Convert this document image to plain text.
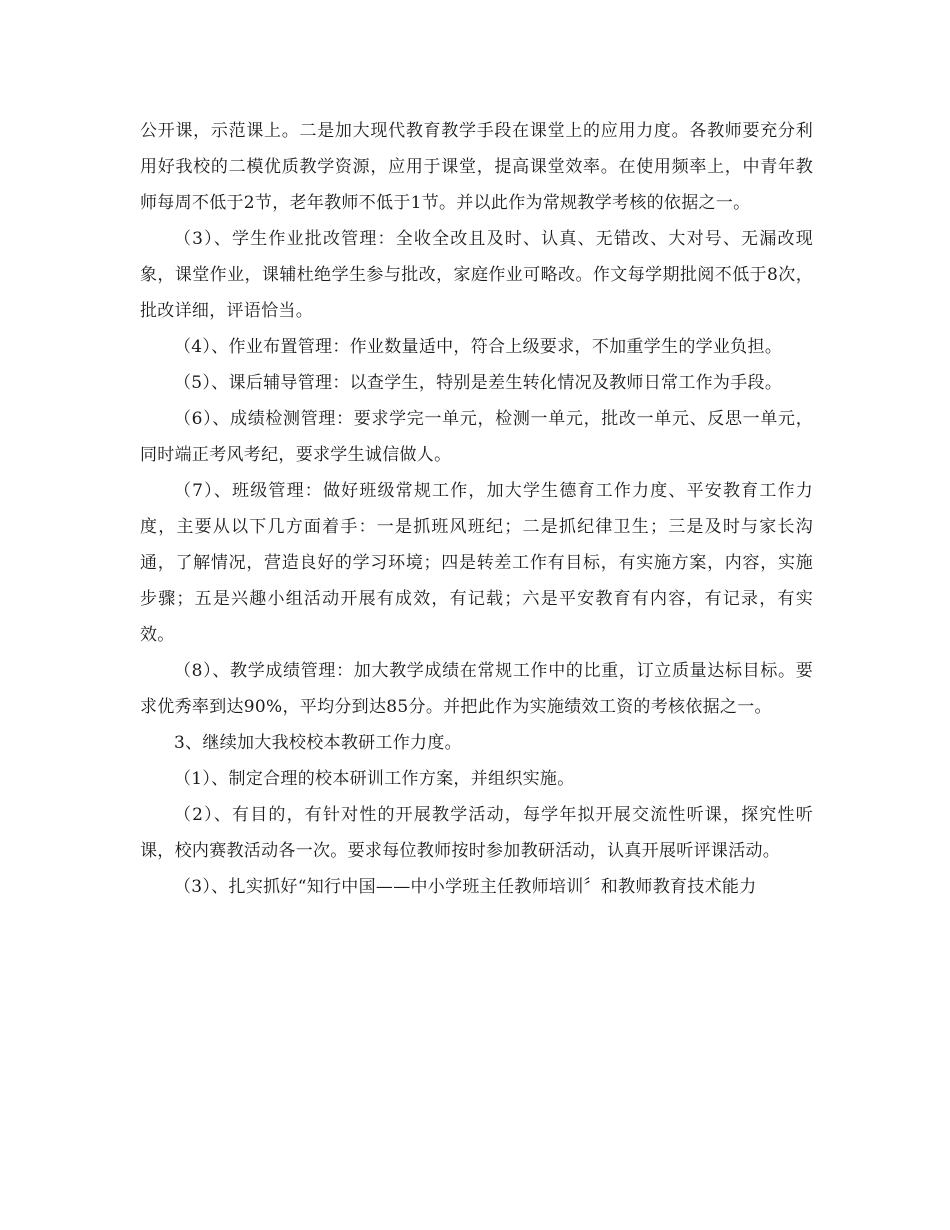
公开课，示范课上。二是加大现代教育教学手段在课堂上的应用力度。各教师要充分利用好我校的二模优质教学资源，应用于课堂，提高课堂效率。在使用频率上，中青年教师每周不低于2节，老年教师不低于1节。并以此作为常规教学考核的依据之一。

（3）、学生作业批改管理：全收全改且及时、认真、无错改、大对号、无漏改现象，课堂作业，课辅杜绝学生参与批改，家庭作业可略改。作文每学期批阅不低于8次，批改详细，评语恰当。

（4）、作业布置管理：作业数量适中，符合上级要求，不加重学生的学业负担。

（5）、课后辅导管理：以查学生，特别是差生转化情况及教师日常工作为手段。

（6）、成绩检测管理：要求学完一单元，检测一单元，批改一单元、反思一单元，同时端正考风考纪，要求学生诚信做人。

（7）、班级管理：做好班级常规工作，加大学生德育工作力度、平安教育工作力度，主要从以下几方面着手：一是抓班风班纪；二是抓纪律卫生；三是及时与家长沟通，了解情况，营造良好的学习环境；四是转差工作有目标，有实施方案，内容，实施步骤；五是兴趣小组活动开展有成效，有记载；六是平安教育有内容，有记录，有实效。

（8）、教学成绩管理：加大教学成绩在常规工作中的比重，订立质量达标目标。要求优秀率到达90%，平均分到达85分。并把此作为实施绩效工资的考核依据之一。

3、继续加大我校校本教研工作力度。

（1）、制定合理的校本研训工作方案，并组织实施。

（2）、有目的，有针对性的开展教学活动，每学年拟开展交流性听课，探究性听课，校内赛教活动各一次。要求每位教师按时参加教研活动，认真开展听评课活动。

（3）、扎实抓好“知行中国——中小学班主任教师培训〞和教师教育技术能力
